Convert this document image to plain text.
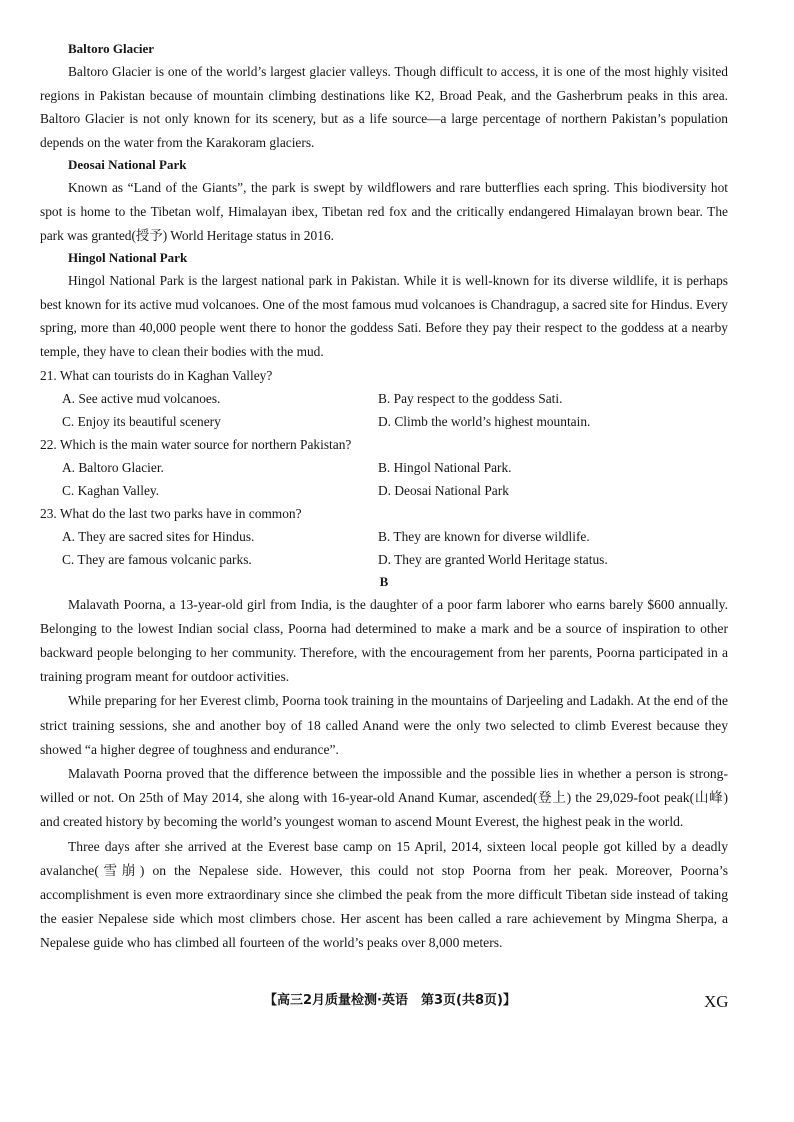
Baltoro Glacier
Baltoro Glacier is one of the world’s largest glacier valleys. Though difficult to access, it is one of the most highly visited regions in Pakistan because of mountain climbing destinations like K2, Broad Peak, and the Gasherbrum peaks in this area. Baltoro Glacier is not only known for its scenery, but as a life source—a large percentage of northern Pakistan’s population depends on the water from the Karakoram glaciers.
Deosai National Park
Known as “Land of the Giants”, the park is swept by wildflowers and rare butterflies each spring. This biodiversity hot spot is home to the Tibetan wolf, Himalayan ibex, Tibetan red fox and the critically endangered Himalayan brown bear. The park was granted(授予) World Heritage status in 2016.
Hingol National Park
Hingol National Park is the largest national park in Pakistan. While it is well-known for its diverse wildlife, it is perhaps best known for its active mud volcanoes. One of the most famous mud volcanoes is Chandragup, a sacred site for Hindus. Every spring, more than 40,000 people went there to honor the goddess Sati. Before they pay their respect to the goddess at a nearby temple, they have to clean their bodies with the mud.
21. What can tourists do in Kaghan Valley?
A. See active mud volcanoes.	B. Pay respect to the goddess Sati.
C. Enjoy its beautiful scenery	D. Climb the world’s highest mountain.
22. Which is the main water source for northern Pakistan?
A. Baltoro Glacier.	B. Hingol National Park.
C. Kaghan Valley.	D. Deosai National Park
23. What do the last two parks have in common?
A. They are sacred sites for Hindus.	B. They are known for diverse wildlife.
C. They are famous volcanic parks.	D. They are granted World Heritage status.
B
Malavath Poorna, a 13-year-old girl from India, is the daughter of a poor farm laborer who earns barely $600 annually. Belonging to the lowest Indian social class, Poorna had determined to make a mark and be a source of inspiration to other backward people belonging to her community. Therefore, with the encouragement from her parents, Poorna participated in a training program meant for outdoor activities.
While preparing for her Everest climb, Poorna took training in the mountains of Darjeeling and Ladakh. At the end of the strict training sessions, she and another boy of 18 called Anand were the only two selected to climb Everest because they showed “a higher degree of toughness and endurance”.
Malavath Poorna proved that the difference between the impossible and the possible lies in whether a person is strong-willed or not. On 25th of May 2014, she along with 16-year-old Anand Kumar, ascended(登上) the 29,029-foot peak(山峰) and created history by becoming the world’s youngest woman to ascend Mount Everest, the highest peak in the world.
Three days after she arrived at the Everest base camp on 15 April, 2014, sixteen local people got killed by a deadly avalanche(雪崩) on the Nepalese side. However, this could not stop Poorna from her peak. Moreover, Poorna’s accomplishment is even more extraordinary since she climbed the peak from the more difficult Tibetan side instead of taking the easier Nepalese side which most climbers chose. Her ascent has been called a rare achievement by Mingma Sherpa, a Nepalese guide who has climbed all fourteen of the world’s peaks over 8,000 meters.
【高三2月质量检测·英语　第3页(共8页)】	XG
